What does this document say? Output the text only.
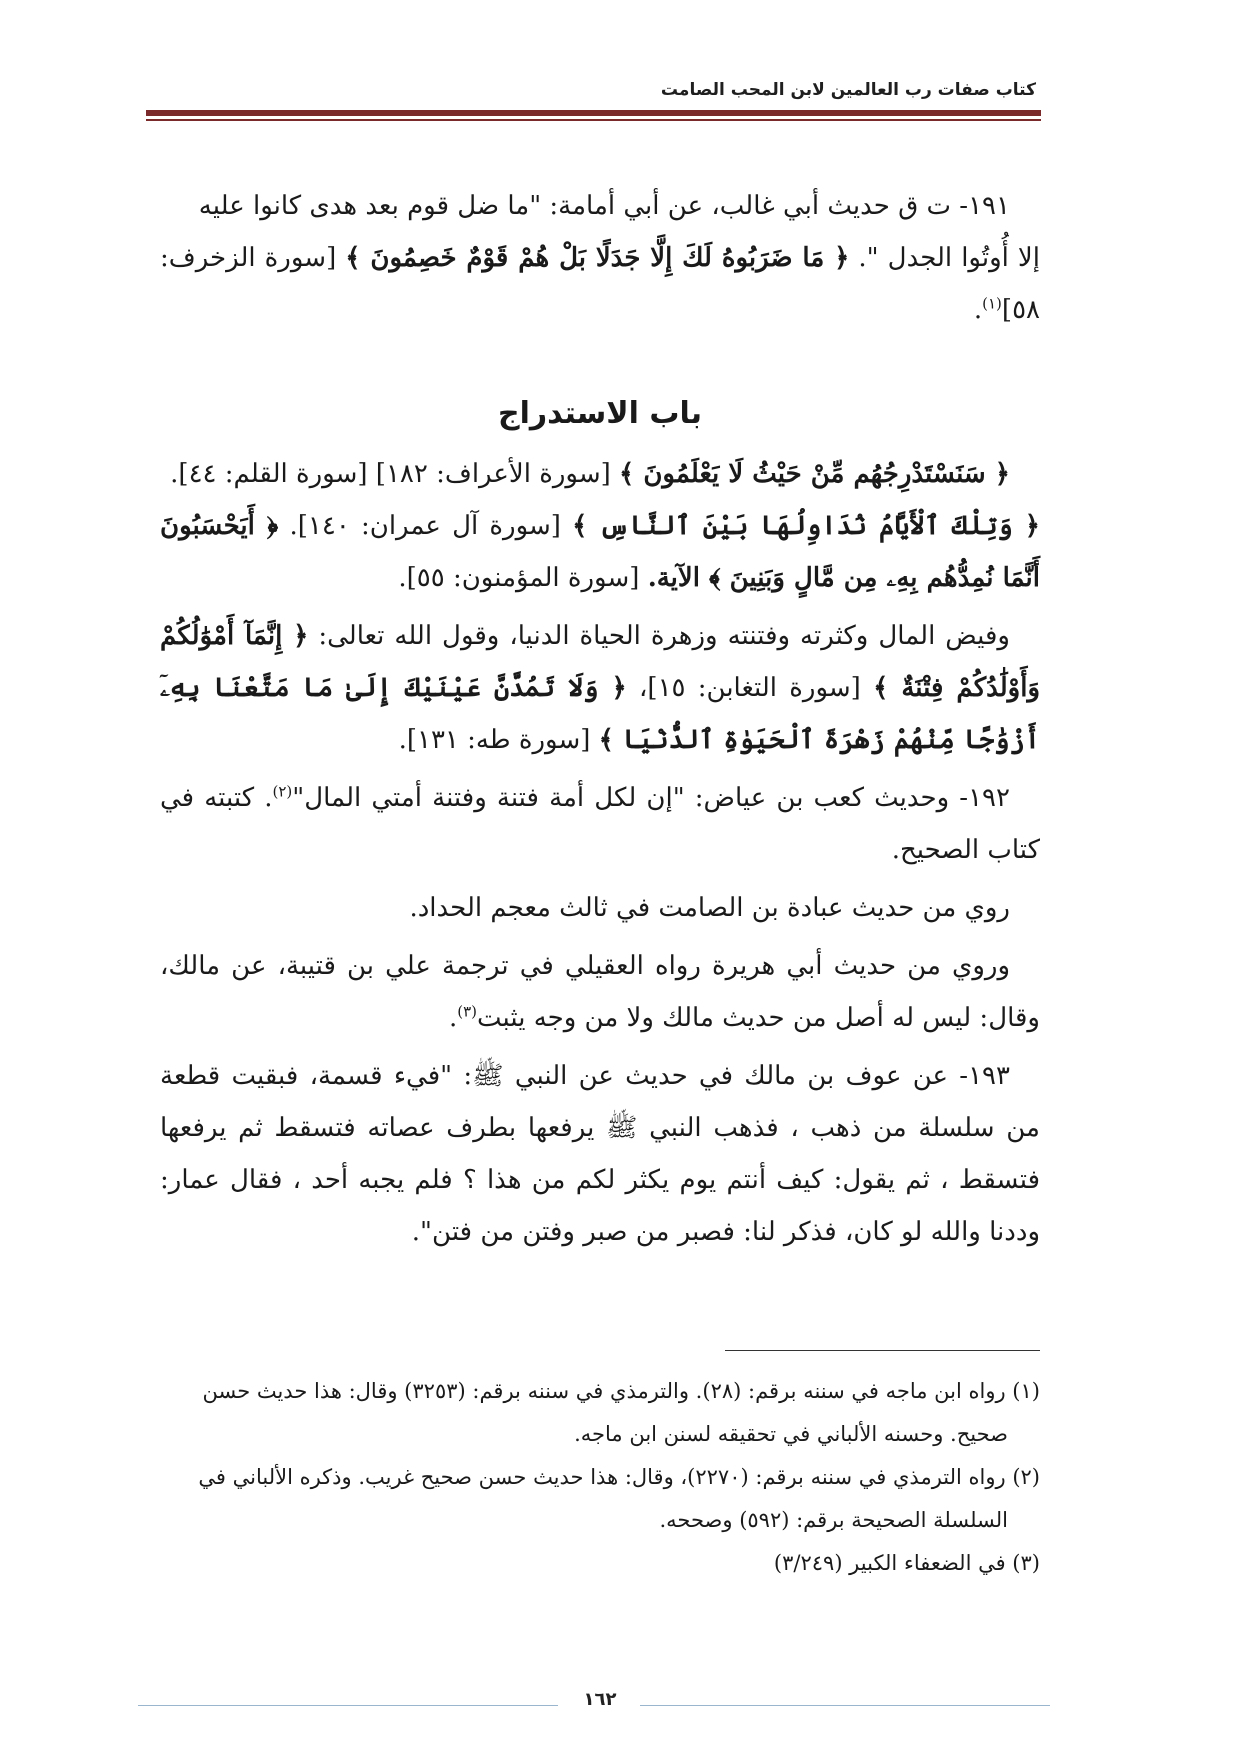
كتاب صفات رب العالمين لابن المحب الصامت

١٩١- ت ق حديث أبي غالب، عن أبي أمامة: "ما ضل قوم بعد هدى كانوا عليه
إلا أُوتُوا الجدل ". ﴿ مَا ضَرَبُوهُ لَكَ إِلَّا جَدَلًا بَلْ هُمْ قَوْمٌ خَصِمُونَ ﴾ [سورة الزخرف: ٥٨]$^{(١)}$.

باب الاستدراج

﴿ سَنَسْتَدْرِجُهُم مِّنْ حَيْثُ لَا يَعْلَمُونَ ﴾ [سورة الأعراف: ١٨٢] [سورة القلم: ٤٤].
﴿ وَتِلْكَ ٱلْأَيَّامُ نُدَاوِلُهَا بَيْنَ ٱلنَّاسِ ﴾ [سورة آل عمران: ١٤٠]. ﴿ أَيَحْسَبُونَ أَنَّمَا نُمِدُّهُم بِهِۦ مِن مَّالٍ وَبَنِينَ ﴾ الآية. [سورة المؤمنون: ٥٥].

وفيض المال وكثرته وفتنته وزهرة الحياة الدنيا، وقول الله تعالى: ﴿ إِنَّمَآ أَمْوَٰلُكُمْ وَأَوْلَٰدُكُمْ فِتْنَةٌ ﴾ [سورة التغابن: ١٥]، ﴿ وَلَا تَمُدَّنَّ عَيْنَيْكَ إِلَىٰ مَا مَتَّعْنَا بِهِۦٓ أَزْوَٰجًا مِّنْهُمْ زَهْرَةَ ٱلْحَيَوٰةِ ٱلدُّنْيَا ﴾ [سورة طه: ١٣١].

١٩٢- وحديث كعب بن عياض: "إن لكل أمة فتنة وفتنة أمتي المال"$^{(٢)}$. كتبته في كتاب الصحيح.

روي من حديث عبادة بن الصامت في ثالث معجم الحداد.

وروي من حديث أبي هريرة رواه العقيلي في ترجمة علي بن قتيبة، عن مالك، وقال: ليس له أصل من حديث مالك ولا من وجه يثبت$^{(٣)}$.

١٩٣- عن عوف بن مالك في حديث عن النبي ﷺ: "فيء قسمة، فبقيت قطعة من سلسلة من ذهب ، فذهب النبي ﷺ يرفعها بطرف عصاته فتسقط ثم يرفعها فتسقط ، ثم يقول: كيف أنتم يوم يكثر لكم من هذا ؟ فلم يجبه أحد ، فقال عمار: وددنا والله لو كان، فذكر لنا: فصبر من صبر وفتن من فتن".

(١) رواه ابن ماجه في سننه برقم: (٢٨). والترمذي في سننه برقم: (٣٢٥٣) وقال: هذا حديث حسن
صحيح. وحسنه الألباني في تحقيقه لسنن ابن ماجه.

(٢) رواه الترمذي في سننه برقم: (٢٢٧٠)، وقال: هذا حديث حسن صحيح غريب. وذكره الألباني في
السلسلة الصحيحة برقم: (٥٩٢) وصححه.

(٣) في الضعفاء الكبير (٣/٢٤٩)

١٦٢
